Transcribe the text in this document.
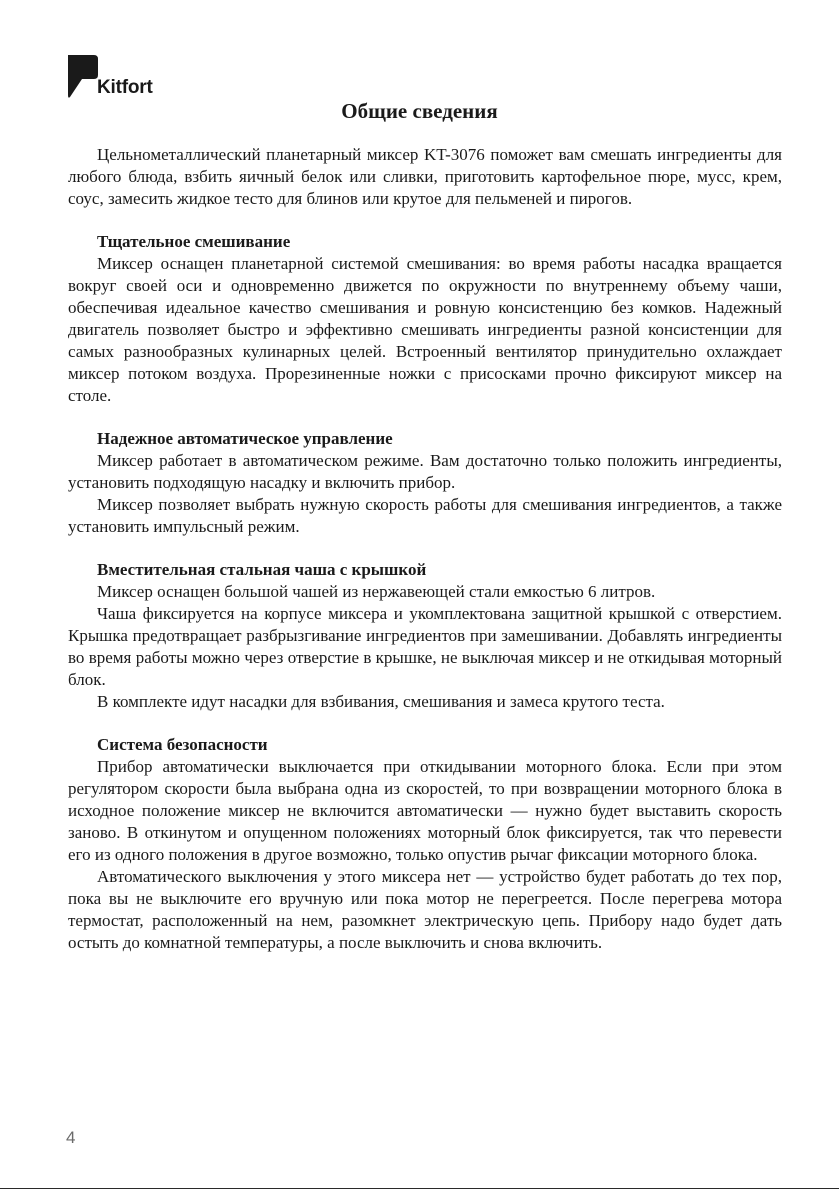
Kitfort
Общие сведения

Цельнометаллический планетарный миксер KT-3076 поможет вам смешать ингредиенты для любого блюда, взбить яичный белок или сливки, приготовить картофельное пюре, мусс, крем, соус, замесить жидкое тесто для блинов или крутое для пельменей и пирогов.

Тщательное смешивание

Миксер оснащен планетарной системой смешивания: во время работы насадка вращается вокруг своей оси и одновременно движется по окружности по внутреннему объему чаши, обеспечивая идеальное качество смешивания и ровную консистенцию без комков. Надежный двигатель позволяет быстро и эффективно смешивать ингредиенты разной консистенции для самых разнообразных кулинарных целей. Встроенный вентилятор принудительно охлаждает миксер потоком воздуха. Прорезиненные ножки с присосками прочно фиксируют миксер на столе.

Надежное автоматическое управление

Миксер работает в автоматическом режиме. Вам достаточно только положить ингредиенты, установить подходящую насадку и включить прибор.

Миксер позволяет выбрать нужную скорость работы для смешивания ингредиентов, а также установить импульсный режим.

Вместительная стальная чаша с крышкой

Миксер оснащен большой чашей из нержавеющей стали емкостью 6 литров.

Чаша фиксируется на корпусе миксера и укомплектована защитной крышкой с отверстием. Крышка предотвращает разбрызгивание ингредиентов при замешивании. Добавлять ингредиенты во время работы можно через отверстие в крышке, не выключая миксер и не откидывая моторный блок.

В комплекте идут насадки для взбивания, смешивания и замеса крутого теста.

Система безопасности

Прибор автоматически выключается при откидывании моторного блока. Если при этом регулятором скорости была выбрана одна из скоростей, то при возвращении моторного блока в исходное положение миксер не включится автоматически — нужно будет выставить скорость заново. В откинутом и опущенном положениях моторный блок фиксируется, так что перевести его из одного положения в другое возможно, только опустив рычаг фиксации моторного блока.

Автоматического выключения у этого миксера нет — устройство будет работать до тех пор, пока вы не выключите его вручную или пока мотор не перегреется. После перегрева мотора термостат, расположенный на нем, разомкнет электрическую цепь. Прибору надо будет дать остыть до комнатной температуры, а после выключить и снова включить.

4
